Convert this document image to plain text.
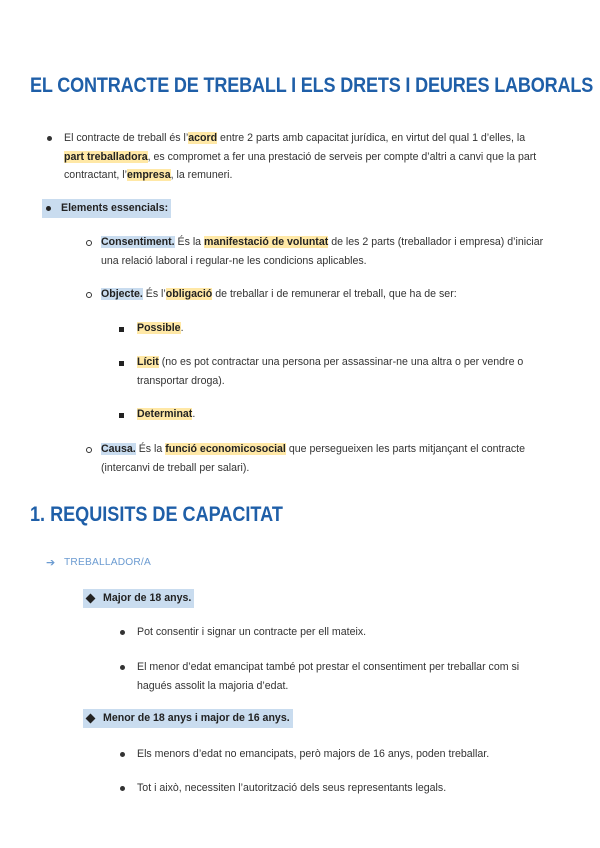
EL CONTRACTE DE TREBALL I ELS DRETS I DEURES LABORALS
El contracte de treball és l’acord entre 2 parts amb capacitat jurídica, en virtut del qual 1 d’elles, la
part treballadora, es compromet a fer una prestació de serveis per compte d’altri a canvi que la part
contractant, l’empresa, la remuneri.
Elements essencials:
Consentiment. És la manifestació de voluntat de les 2 parts (treballador i empresa) d’iniciar
una relació laboral i regular-ne les condicions aplicables.
Objecte. És l’obligació de treballar i de remunerar el treball, que ha de ser:
Possible.
Lícit (no es pot contractar una persona per assassinar-ne una altra o per vendre o
transportar droga).
Determinat.
Causa. És la funció economicosocial que persegueixen les parts mitjançant el contracte
(intercanvi de treball per salari).
1. REQUISITS DE CAPACITAT
➔ TREBALLADOR/A
Major de 18 anys.
Pot consentir i signar un contracte per ell mateix.
El menor d’edat emancipat també pot prestar el consentiment per treballar com si
hagués assolit la majoria d’edat.
Menor de 18 anys i major de 16 anys.
Els menors d’edat no emancipats, però majors de 16 anys, poden treballar.
Tot i això, necessiten l’autorització dels seus representants legals.
